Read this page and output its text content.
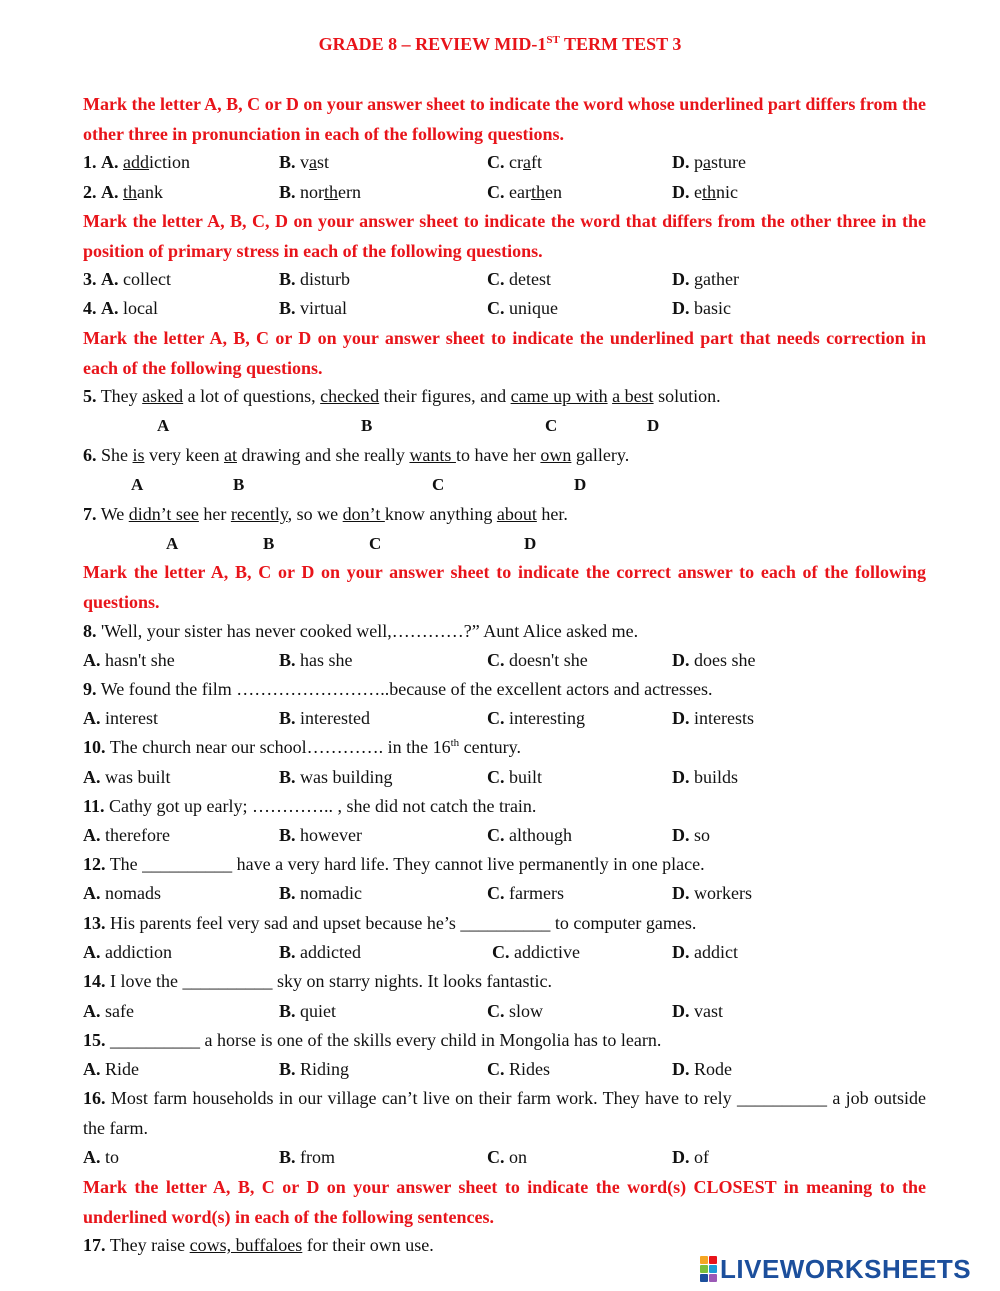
GRADE 8 – REVIEW MID-1ST TERM TEST 3
Mark the letter A, B, C or D on your answer sheet to indicate the word whose underlined part differs from the other three in pronunciation in each of the following questions.
1. A. addiction	B. vast	C. craft	D. pasture
2. A. thank	B. northern	C. earthen	D. ethnic
Mark the letter A, B, C, D on your answer sheet to indicate the word that differs from the other three in the position of primary stress in each of the following questions.
3. A. collect	B. disturb	C. detest	D. gather
4. A. local	B. virtual	C. unique	D. basic
Mark the letter A, B, C or D on your answer sheet to indicate the underlined part that needs correction in each of the following questions.
5. They asked a lot of questions, checked their figures, and came up with a best solution.
A	B	C	D
6. She is very keen at drawing and she really wants to have her own gallery.
A	B	C	D
7. We didn’t see her recently, so we don’t know anything about her.
A	B	C	D
Mark the letter A, B, C or D on your answer sheet to indicate the correct answer to each of the following questions.
8. 'Well, your sister has never cooked well,…………?” Aunt Alice asked me.
A. hasn't she	B. has she	C. doesn't she	D. does she
9. We found the film ……………………..because of the excellent actors and actresses.
A. interest	B. interested	C. interesting	D. interests
10. The church near our school…………. in the 16th century.
A. was built	B. was building	C. built	D. builds
11. Cathy got up early; ………….. , she did not catch the train.
A. therefore	B. however	C. although	D. so
12. The __________ have a very hard life. They cannot live permanently in one place.
A. nomads	B. nomadic	C. farmers	D. workers
13. His parents feel very sad and upset because he’s __________ to computer games.
A. addiction	B. addicted	C. addictive	D. addict
14. I love the __________ sky on starry nights. It looks fantastic.
A. safe	B. quiet	C. slow	D. vast
15. __________ a horse is one of the skills every child in Mongolia has to learn.
A. Ride	B. Riding	C. Rides	D. Rode
16. Most farm households in our village can’t live on their farm work. They have to rely __________ a job outside the farm.
A. to	B. from	C. on	D. of
Mark the letter A, B, C or D on your answer sheet to indicate the word(s) CLOSEST in meaning to the underlined word(s) in each of the following sentences.
17. They raise cows, buffaloes for their own use.
LIVEWORKSHEETS
